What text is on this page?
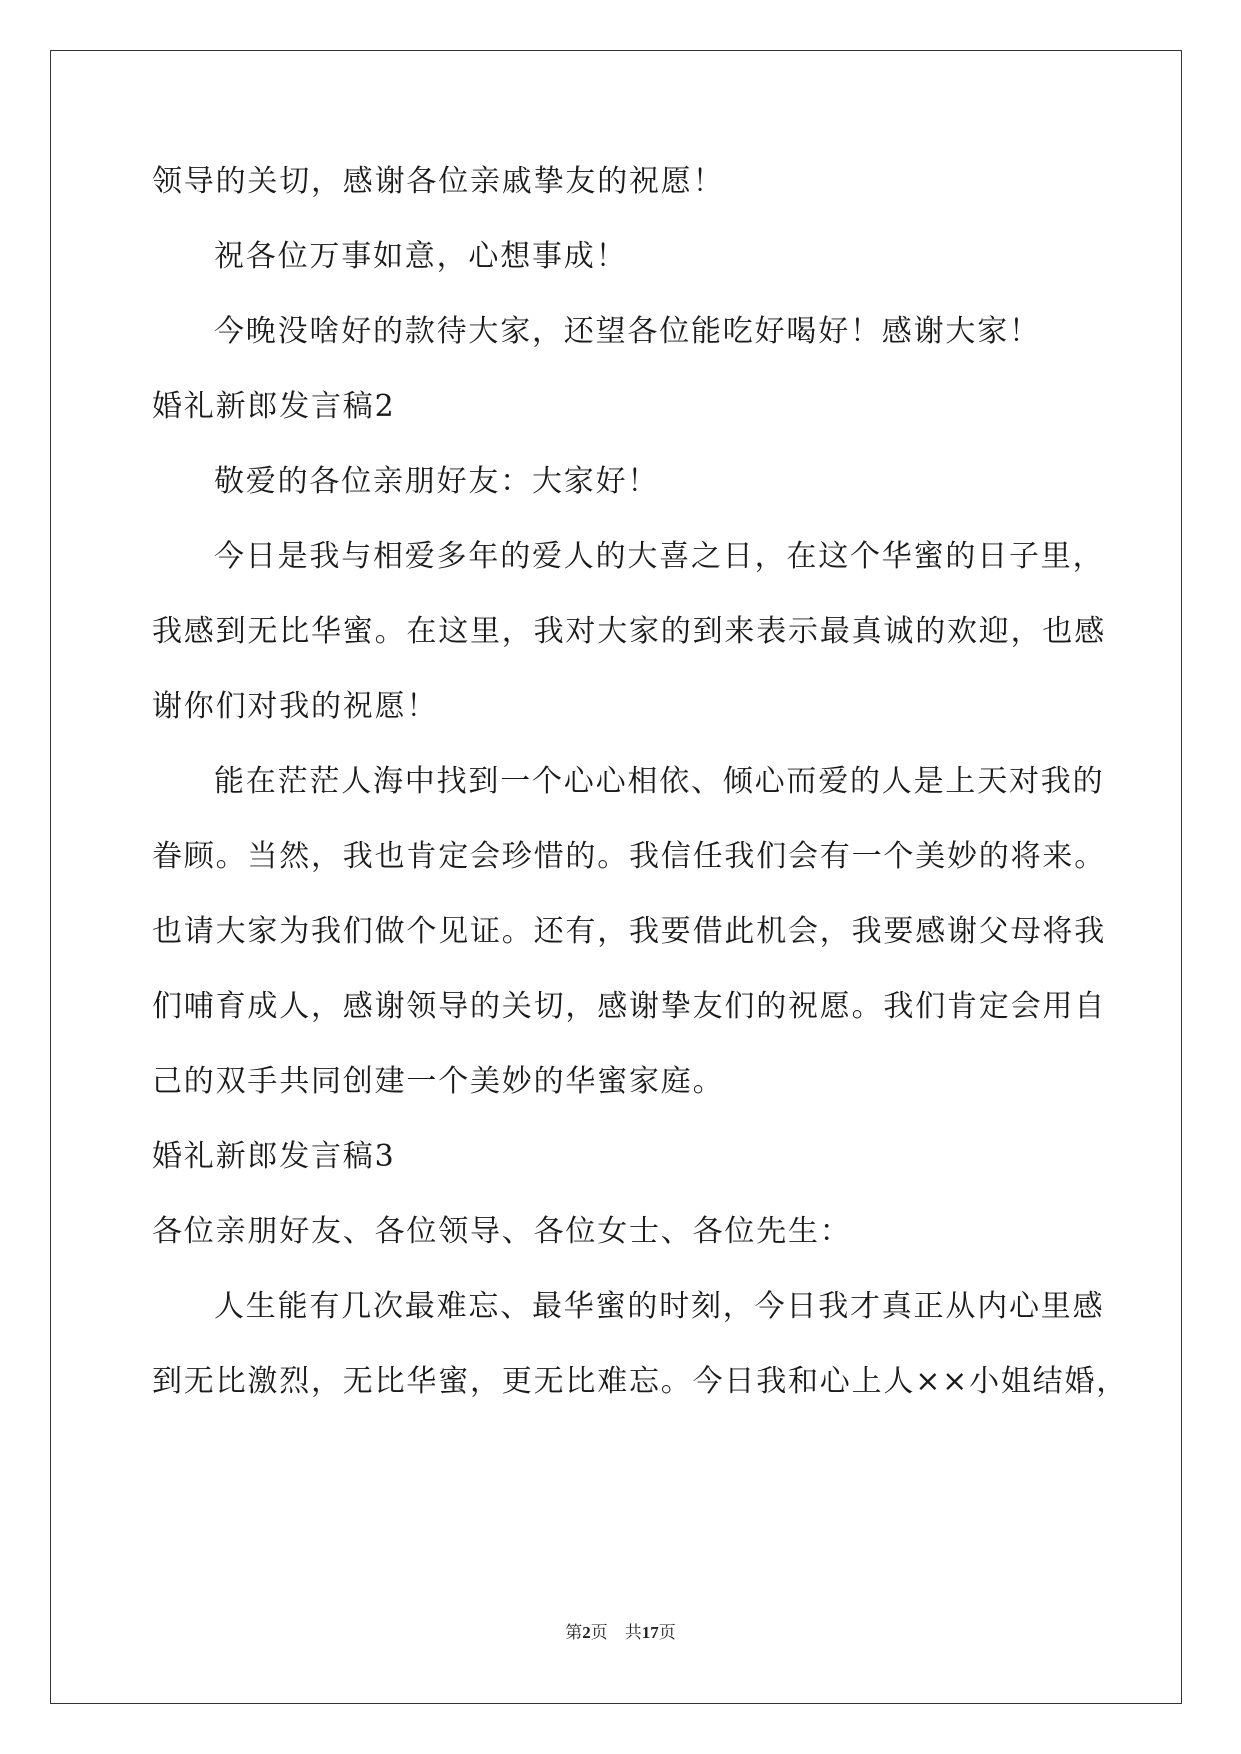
领导的关切，感谢各位亲戚挚友的祝愿！
祝各位万事如意，心想事成！
今晚没啥好的款待大家，还望各位能吃好喝好！感谢大家！
婚礼新郎发言稿2
敬爱的各位亲朋好友：大家好！
今日是我与相爱多年的爱人的大喜之日，在这个华蜜的日子里，
我感到无比华蜜。在这里，我对大家的到来表示最真诚的欢迎，也感
谢你们对我的祝愿！
能在茫茫人海中找到一个心心相依、倾心而爱的人是上天对我的
眷顾。当然，我也肯定会珍惜的。我信任我们会有一个美妙的将来。
也请大家为我们做个见证。还有，我要借此机会，我要感谢父母将我
们哺育成人，感谢领导的关切，感谢挚友们的祝愿。我们肯定会用自
己的双手共同创建一个美妙的华蜜家庭。
婚礼新郎发言稿3
各位亲朋好友、各位领导、各位女士、各位先生：
人生能有几次最难忘、最华蜜的时刻，今日我才真正从内心里感
到无比激烈，无比华蜜，更无比难忘。今日我和心上人××小姐结婚，
第2页  共17页
